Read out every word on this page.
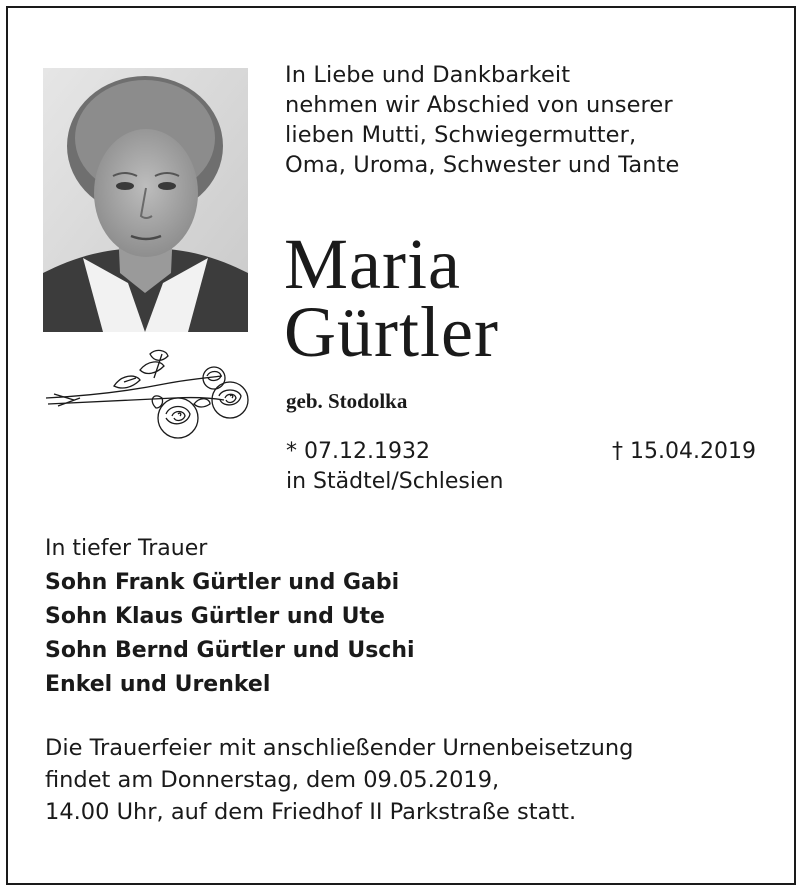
In Liebe und Dankbarkeit
nehmen wir Abschied von unserer
lieben Mutti, Schwiegermutter,
Oma, Uroma, Schwester und Tante
Maria
Gürtler
geb. Stodolka
* 07.12.1932	† 15.04.2019
in Städtel/Schlesien
In tiefer Trauer
Sohn Frank Gürtler und Gabi
Sohn Klaus Gürtler und Ute
Sohn Bernd Gürtler und Uschi
Enkel und Urenkel
Die Trauerfeier mit anschließender Urnenbeisetzung
findet am Donnerstag, dem 09.05.2019,
14.00 Uhr, auf dem Friedhof II Parkstraße statt.
